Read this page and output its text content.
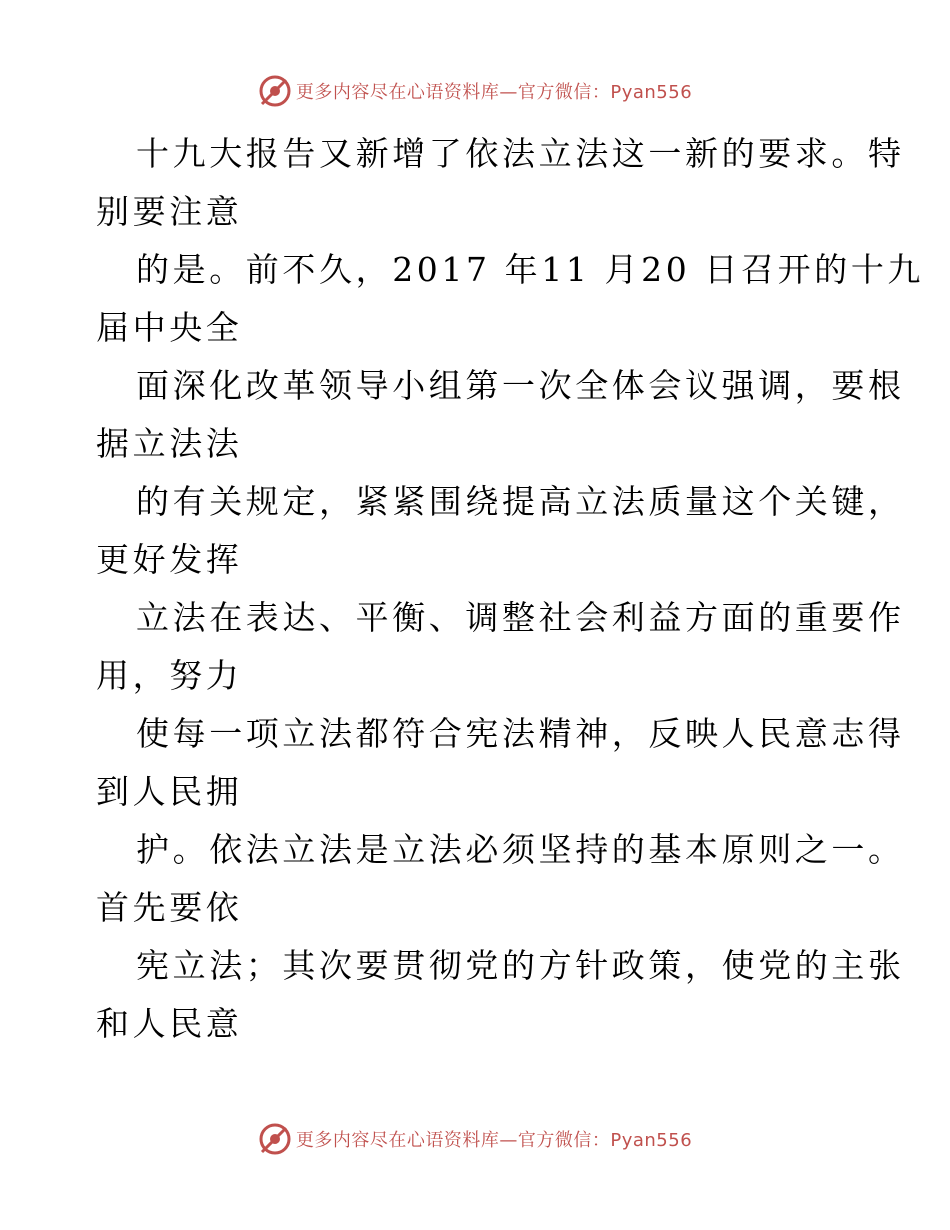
更多内容尽在心语资料库—官方微信：Pyan556
十九大报告又新增了依法立法这一新的要求。特
别要注意
的是。前不久，2017 年11 月20 日召开的十九
届中央全
面深化改革领导小组第一次全体会议强调，要根
据立法法
的有关规定，紧紧围绕提高立法质量这个关键，
更好发挥
立法在表达、平衡、调整社会利益方面的重要作
用，努力
使每一项立法都符合宪法精神，反映人民意志得
到人民拥
护。依法立法是立法必须坚持的基本原则之一。
首先要依
宪立法；其次要贯彻党的方针政策，使党的主张
和人民意
更多内容尽在心语资料库—官方微信：Pyan556
